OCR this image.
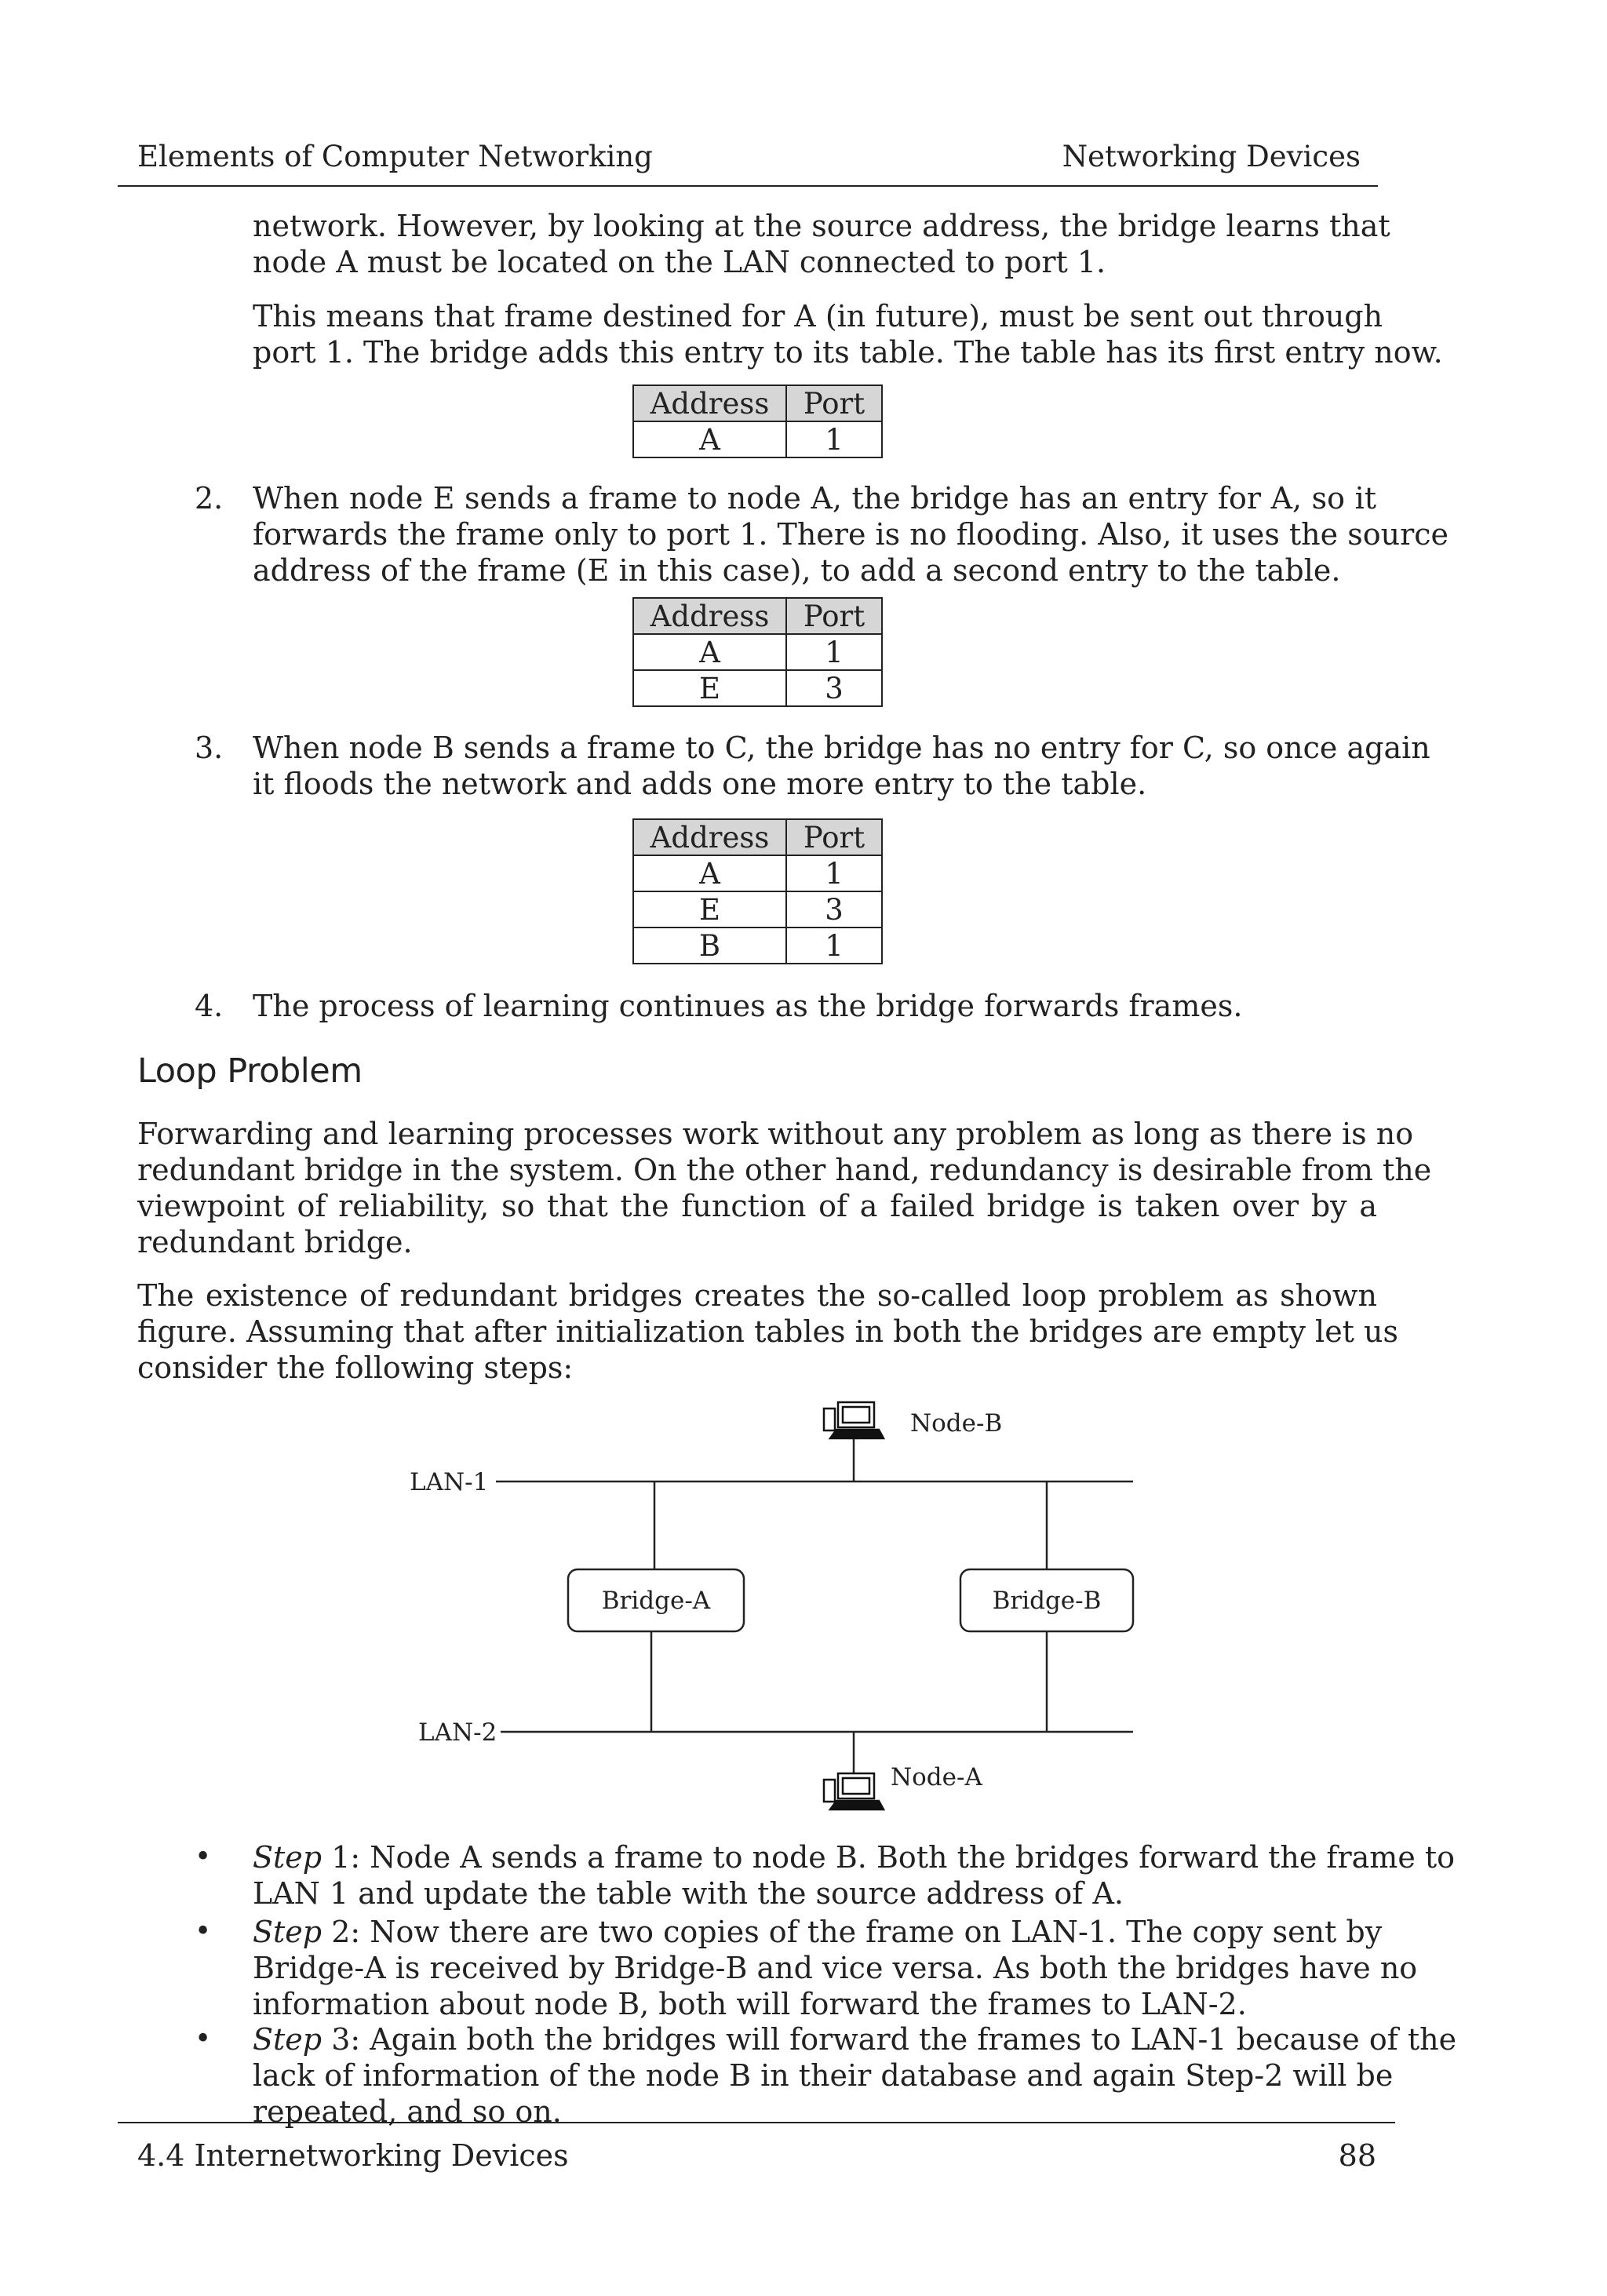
Elements of Computer Networking	Networking Devices
network. However, by looking at the source address, the bridge learns that
node A must be located on the LAN connected to port 1.
This means that frame destined for A (in future), must be sent out through
port 1. The bridge adds this entry to its table. The table has its first entry now.
Address	Port
A	1
2. When node E sends a frame to node A, the bridge has an entry for A, so it
forwards the frame only to port 1. There is no flooding. Also, it uses the source
address of the frame (E in this case), to add a second entry to the table.
Address	Port
A	1
E	3
3. When node B sends a frame to C, the bridge has no entry for C, so once again
it floods the network and adds one more entry to the table.
Address	Port
A	1
E	3
B	1
4. The process of learning continues as the bridge forwards frames.
Loop Problem
Forwarding and learning processes work without any problem as long as there is no
redundant bridge in the system. On the other hand, redundancy is desirable from the
viewpoint of reliability, so that the function of a failed bridge is taken over by a
redundant bridge.
The existence of redundant bridges creates the so-called loop problem as shown
figure. Assuming that after initialization tables in both the bridges are empty let us
consider the following steps:
Node-B
Node-A
LAN-1
LAN-2
Bridge-A	Bridge-B
• Step 1: Node A sends a frame to node B. Both the bridges forward the frame to
LAN 1 and update the table with the source address of A.
• Step 2: Now there are two copies of the frame on LAN-1. The copy sent by
Bridge-A is received by Bridge-B and vice versa. As both the bridges have no
information about node B, both will forward the frames to LAN-2.
• Step 3: Again both the bridges will forward the frames to LAN-1 because of the
lack of information of the node B in their database and again Step-2 will be
repeated, and so on.
4.4 Internetworking Devices	88
